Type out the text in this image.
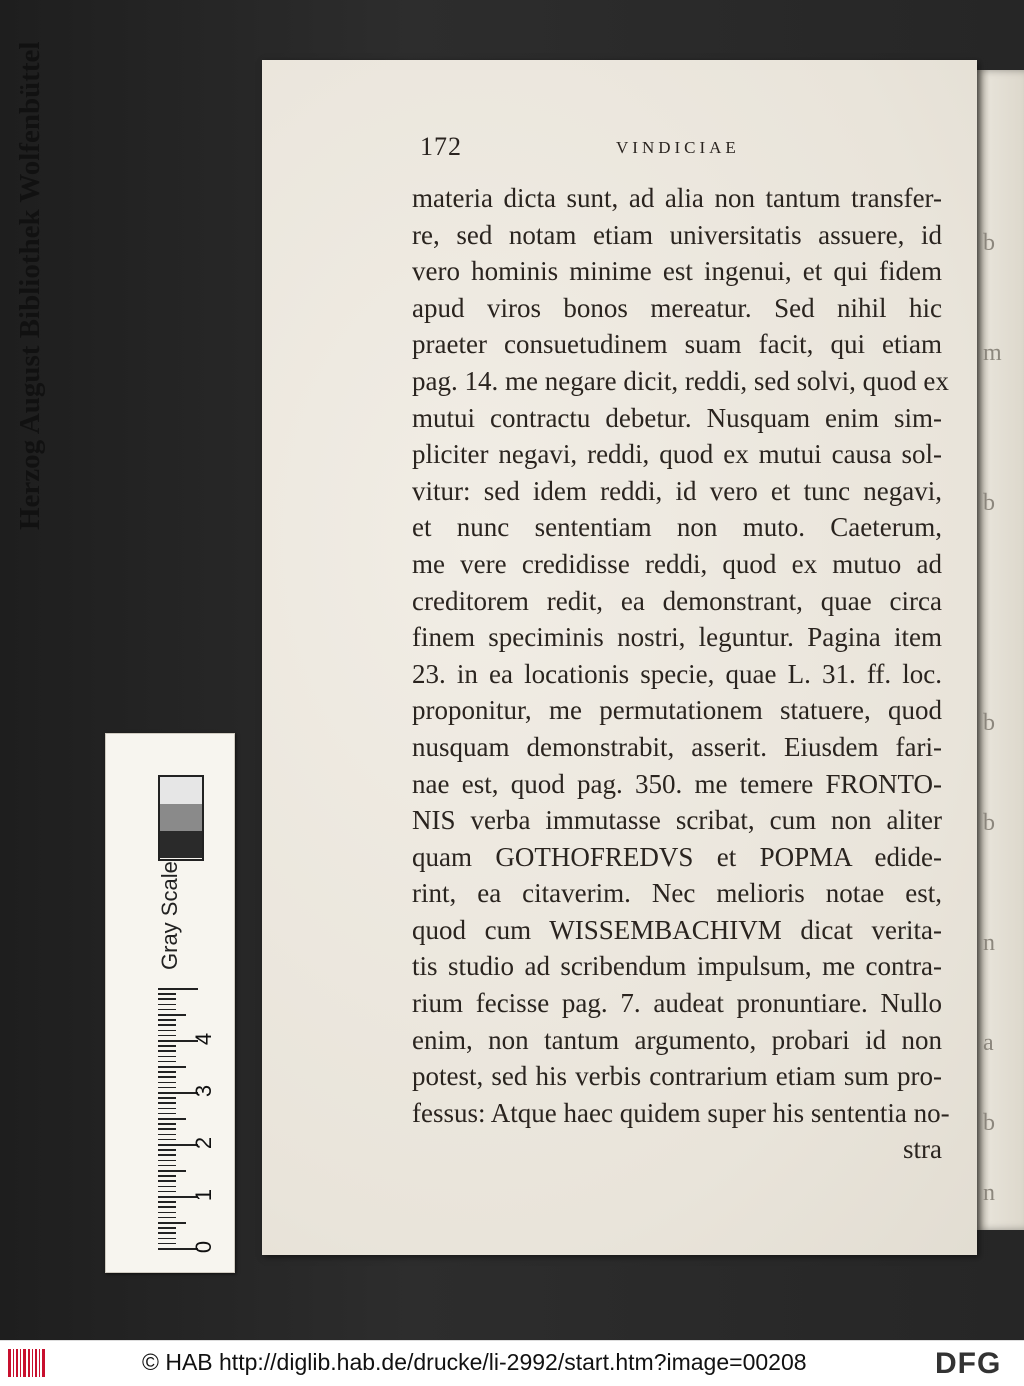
b
m
b
b
b
n
a
b
n
172	VINDICIAE
materia dicta sunt, ad alia non tantum transfer-
re, sed notam etiam universitatis assuere, id
vero hominis minime est ingenui, et qui fidem
apud viros bonos mereatur. Sed nihil hic
praeter consuetudinem suam facit, qui etiam
pag. 14. me negare dicit, reddi, sed solvi, quod ex
mutui contractu debetur. Nusquam enim sim-
pliciter negavi, reddi, quod ex mutui causa sol-
vitur: sed idem reddi, id vero et tunc negavi,
et nunc sententiam non muto. Caeterum,
me vere credidisse reddi, quod ex mutuo ad
creditorem redit, ea demonstrant, quae circa
finem speciminis nostri, leguntur. Pagina item
23. in ea locationis specie, quae L. 31. ff. loc.
proponitur, me permutationem statuere, quod
nusquam demonstrabit, asserit. Eiusdem fari-
nae est, quod pag. 350. me temere FRONTO-
NIS verba immutasse scribat, cum non aliter
quam GOTHOFREDVS et POPMA edide-
rint, ea citaverim. Nec melioris notae est,
quod cum WISSEMBACHIVM dicat verita-
tis studio ad scribendum impulsum, me contra-
rium fecisse pag. 7. audeat pronuntiare. Nullo
enim, non tantum argumento, probari id non
potest, sed his verbis contrarium etiam sum pro-
fessus: Atque haec quidem super his sententia no-
stra
Herzog August Bibliothek Wolfenbüttel
Gray Scale
0
1
2
3
4
© HAB http://diglib.hab.de/drucke/li-2992/start.htm?image=00208	DFG
